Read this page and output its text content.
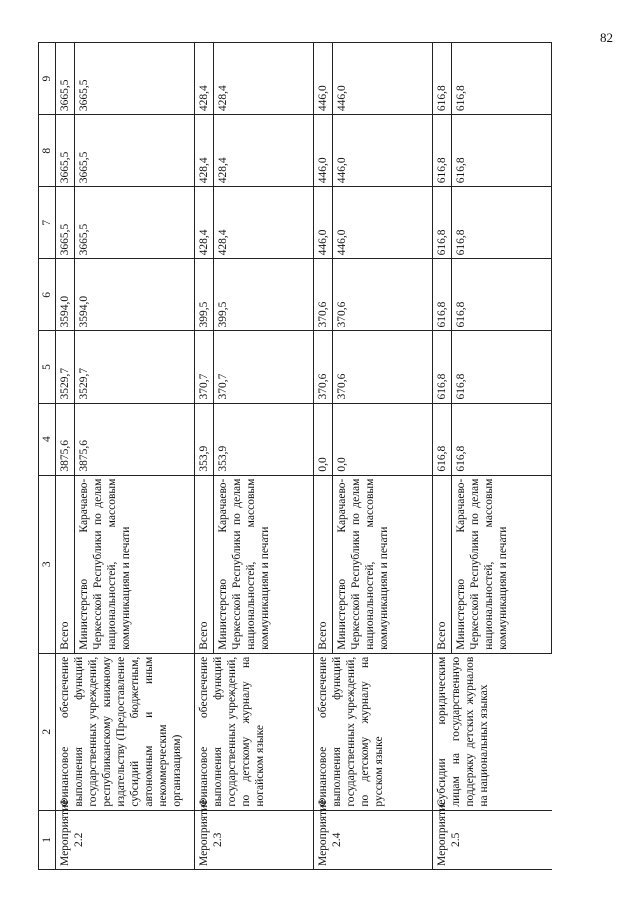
82
1	2	3	4	5	6	7	8	9
Мероприятие 2.2	Финансовое обеспечение выполнения функций государственных учреждений, республиканскому книжному издательству (Предоставление субсидий бюджетным, автономным и иным некоммерческим организациям)	Всего	3875,6	3529,7	3594,0	3665,5	3665,5	3665,5
		Министерство Карачаево-Черкесской Республики по делам национальностей, массовым коммуникациям и печати	3875,6	3529,7	3594,0	3665,5	3665,5	3665,5
Мероприятие 2.3	Финансовое обеспечение выполнения функций государственных учреждений, по детскому журналу на ногайском языке	Всего	353,9	370,7	399,5	428,4	428,4	428,4
		Министерство Карачаево-Черкесской Республики по делам национальностей, массовым коммуникациям и печати	353,9	370,7	399,5	428,4	428,4	428,4
Мероприятие 2.4	Финансовое обеспечение выполнения функций государственных учреждений, по детскому журналу на русском языке	Всего	0,0	370,6	370,6	446,0	446,0	446,0
		Министерство Карачаево-Черкесской Республики по делам национальностей, массовым коммуникациям и печати	0,0	370,6	370,6	446,0	446,0	446,0
Мероприятие 2.5	Субсидии юридическим лицам на государственную поддержку детских журналов на национальных языках	Всего	616,8	616,8	616,8	616,8	616,8	616,8
		Министерство Карачаево-Черкесской Республики по делам национальностей, массовым коммуникациям и печати	616,8	616,8	616,8	616,8	616,8	616,8
